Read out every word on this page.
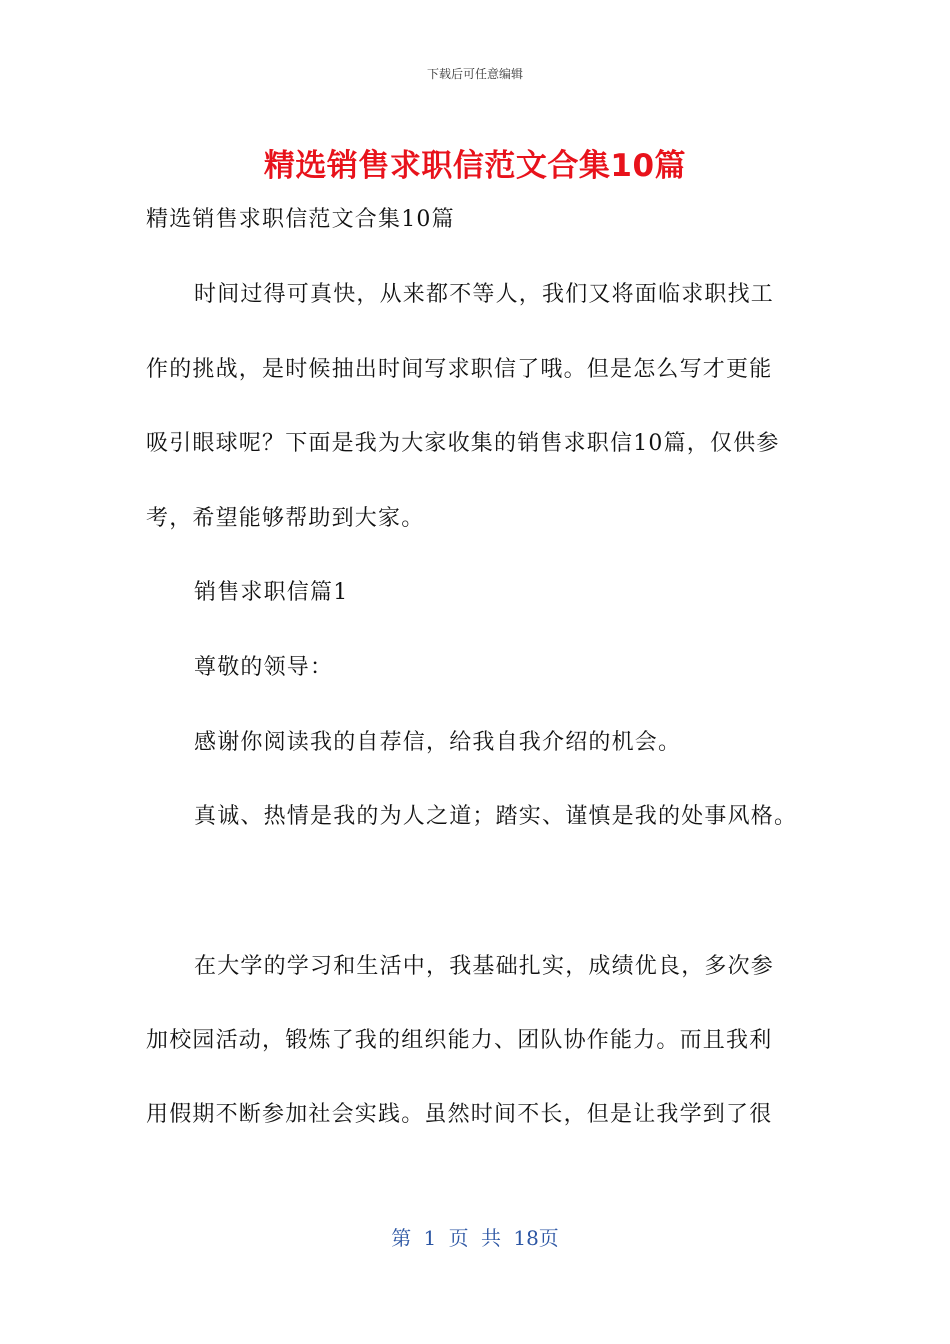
下载后可任意编辑
精选销售求职信范文合集10篇
精选销售求职信范文合集10篇
时间过得可真快，从来都不等人，我们又将面临求职找工
作的挑战，是时候抽出时间写求职信了哦。但是怎么写才更能
吸引眼球呢？下面是我为大家收集的销售求职信10篇，仅供参
考，希望能够帮助到大家。
销售求职信篇1
尊敬的领导：
感谢你阅读我的自荐信，给我自我介绍的机会。
真诚、热情是我的为人之道；踏实、谨慎是我的处事风格。
在大学的学习和生活中，我基础扎实，成绩优良，多次参
加校园活动，锻炼了我的组织能力、团队协作能力。而且我利
用假期不断参加社会实践。虽然时间不长，但是让我学到了很
第 1 页 共 18页
